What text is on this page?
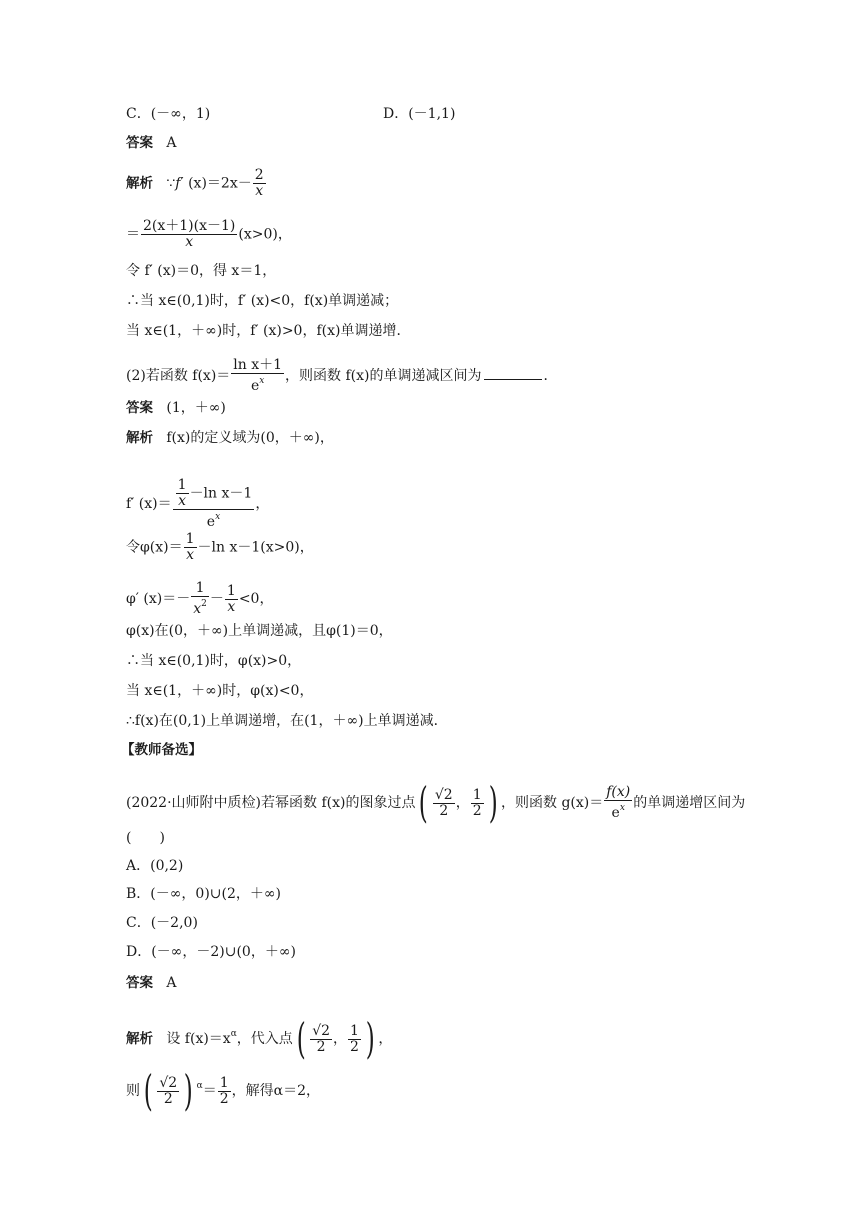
C．(－∞，1)	D．(－1,1)
答案 A
解析 ∵f′ $(x)=2x- \frac{2}{x}$
＝ $\frac{2(x+1)(x-1)}{x} (x>0)$，
令 f′ (x)＝0，得 x＝1，
∴当 x∈(0,1)时，f′ (x)<0，f(x)单调递减；
当 x∈(1，＋∞)时，f′ (x)>0，f(x)单调递增．
(2)若函数 $f(x)= \frac{\text{ln x＋1}}{e^x}$ ，则函数 f(x)的单调递减区间为	．
答案 (1，＋∞)
解析 f(x)的定义域为(0，＋∞)，
f′ $(x)= \frac{\frac{1}{x} -\ln x-1}{e^x}$ ，
令$\varphi(x)= \frac{1}{x} -\ln$ x－1(x>0)，
φ′ $(x)=- \frac{1}{x^2} - \frac{1}{x} <0$，
φ(x)在(0，＋∞)上单调递减，且φ(1)＝0，
∴当 x∈(0,1)时，φ(x)>0，
当 x∈(1，＋∞)时，φ(x)<0，
∴f(x)在(0,1)上单调递增，在(1，＋∞)上单调递减．
【教师备选】
(2022·山师附中质检)若幂函数 f(x)的图象过点( $\frac{√2}{2}$ ， $\frac{1}{2}$ ) ，则函数 $g(x)= \frac{f(x)}{e^x}$ 的单调递增区间为
(　　)
A．(0,2)
B．(－∞，0)∪(2，＋∞)
C．(－2,0)
D．(－∞，－2)∪(0，＋∞)
答案 A
解析 设 $f(x)=x^\alpha$，代入点( $\frac{√2}{2}$ ， $\frac{1}{2}$ ) ，
则( $\frac{√2}{2}$ ) $^\alpha= \frac{1}{2}$ ，解得α＝2，
